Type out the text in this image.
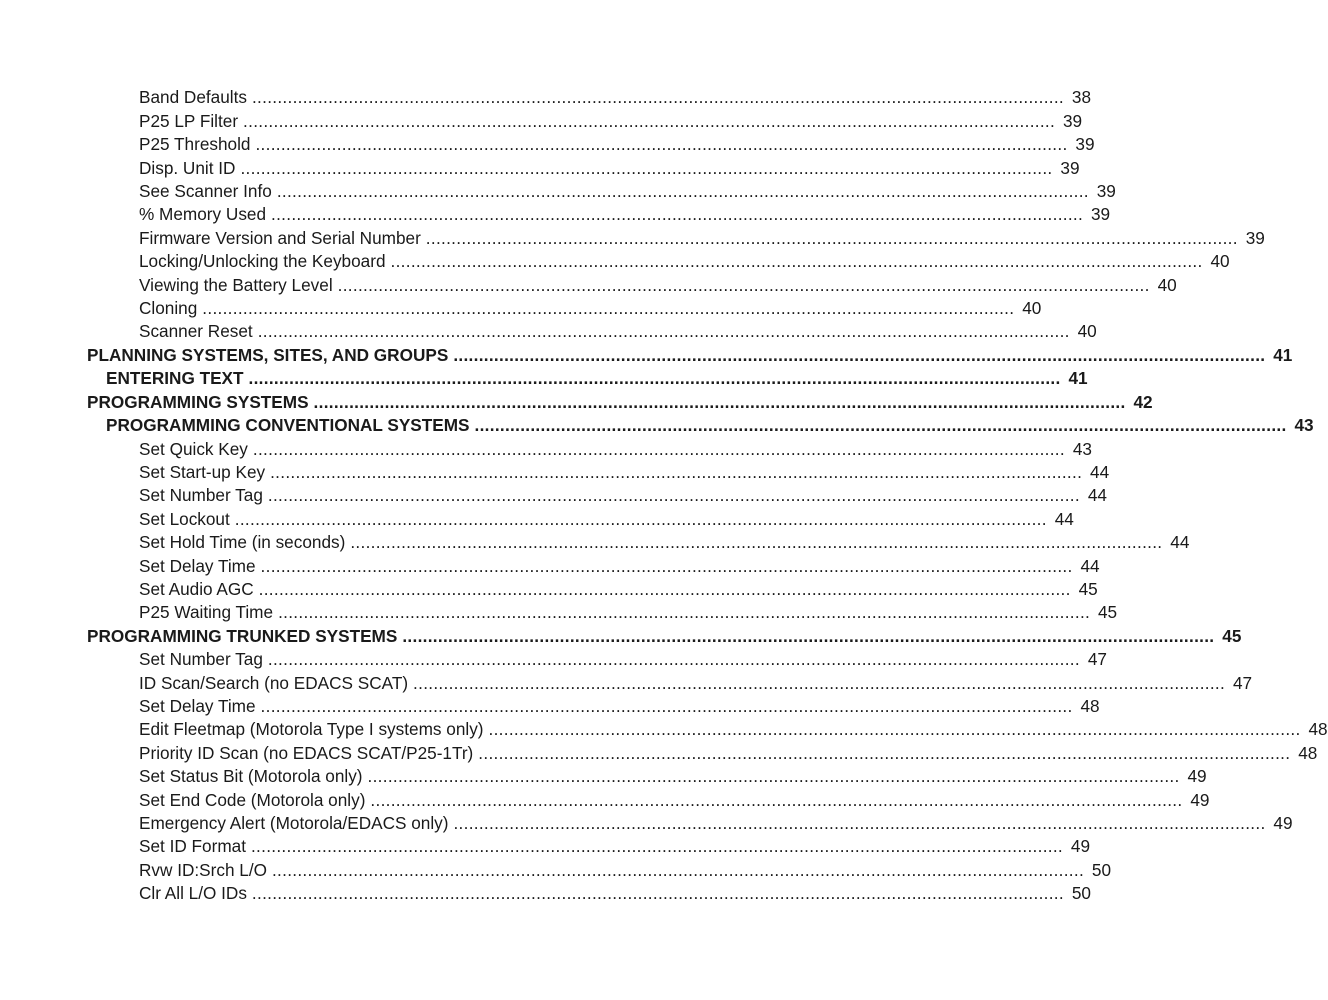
Band Defaults ................................................................................................................................................................ 38
P25 LP Filter ................................................................................................................................................................ 39
P25 Threshold ................................................................................................................................................................ 39
Disp. Unit ID ................................................................................................................................................................ 39
See Scanner Info ................................................................................................................................................................ 39
% Memory Used ................................................................................................................................................................ 39
Firmware Version and Serial Number ................................................................................................................................................................ 39
Locking/Unlocking the Keyboard ................................................................................................................................................................ 40
Viewing the Battery Level ................................................................................................................................................................ 40
Cloning ................................................................................................................................................................ 40
Scanner Reset ................................................................................................................................................................ 40
PLANNING SYSTEMS, SITES, AND GROUPS ................................................................................................................................................................ 41
ENTERING TEXT ................................................................................................................................................................ 41
PROGRAMMING SYSTEMS ................................................................................................................................................................ 42
PROGRAMMING CONVENTIONAL SYSTEMS ................................................................................................................................................................ 43
Set Quick Key ................................................................................................................................................................ 43
Set Start-up Key ................................................................................................................................................................ 44
Set Number Tag ................................................................................................................................................................ 44
Set Lockout ................................................................................................................................................................ 44
Set Hold Time (in seconds) ................................................................................................................................................................ 44
Set Delay Time ................................................................................................................................................................ 44
Set Audio AGC ................................................................................................................................................................ 45
P25 Waiting Time ................................................................................................................................................................ 45
PROGRAMMING TRUNKED SYSTEMS ................................................................................................................................................................ 45
Set Number Tag ................................................................................................................................................................ 47
ID Scan/Search (no EDACS SCAT) ................................................................................................................................................................ 47
Set Delay Time ................................................................................................................................................................ 48
Edit Fleetmap (Motorola Type I systems only) ................................................................................................................................................................ 48
Priority ID Scan (no EDACS SCAT/P25-1Tr) ................................................................................................................................................................ 48
Set Status Bit (Motorola only) ................................................................................................................................................................ 49
Set End Code (Motorola only) ................................................................................................................................................................ 49
Emergency Alert (Motorola/EDACS only) ................................................................................................................................................................ 49
Set ID Format ................................................................................................................................................................ 49
Rvw ID:Srch L/O ................................................................................................................................................................ 50
Clr All L/O IDs ................................................................................................................................................................ 50
